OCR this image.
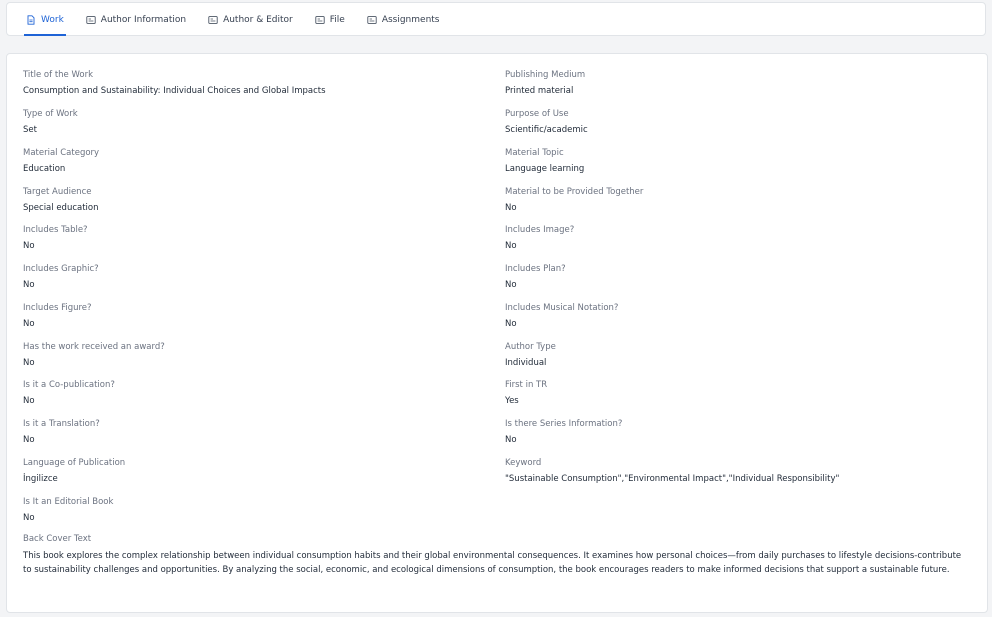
Work	Author Information	Author & Editor	File	Assignments
Title of the Work
Consumption and Sustainability: Individual Choices and Global Impacts
Publishing Medium
Printed material
Type of Work
Set
Purpose of Use
Scientific/academic
Material Category
Education
Material Topic
Language learning
Target Audience
Special education
Material to be Provided Together
No
Includes Table?
No
Includes Image?
No
Includes Graphic?
No
Includes Plan?
No
Includes Figure?
No
Includes Musical Notation?
No
Has the work received an award?
No
Author Type
Individual
Is it a Co-publication?
No
First in TR
Yes
Is it a Translation?
No
Is there Series Information?
No
Language of Publication
İngilizce
Keyword
"Sustainable Consumption","Environmental Impact","Individual Responsibility"
Is It an Editorial Book
No
Back Cover Text
This book explores the complex relationship between individual consumption habits and their global environmental consequences. It examines how personal choices—from daily purchases to lifestyle decisions-contribute to sustainability challenges and opportunities. By analyzing the social, economic, and ecological dimensions of consumption, the book encourages readers to make informed decisions that support a sustainable future.
